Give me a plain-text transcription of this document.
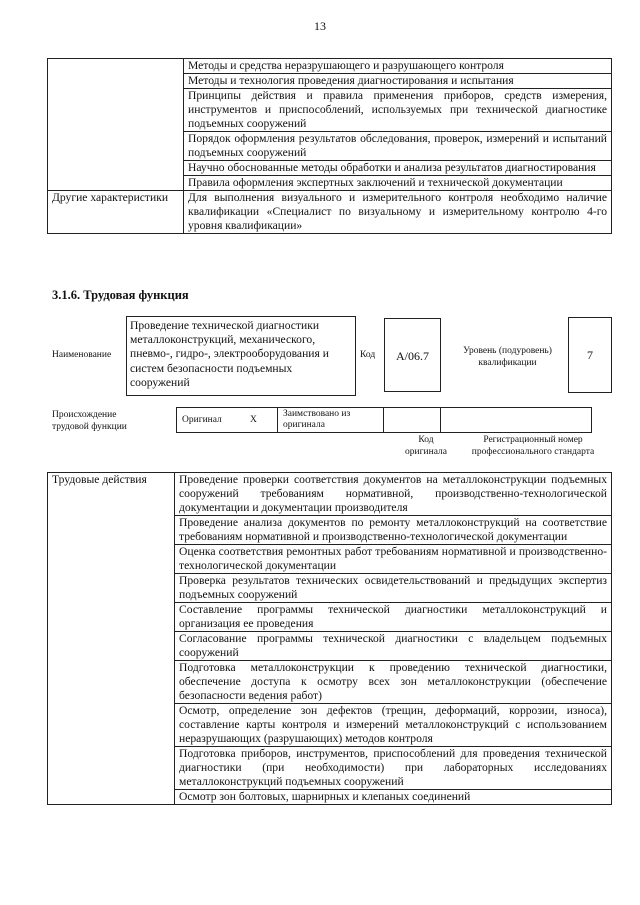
13
	Методы и средства неразрушающего и разрушающего контроля
	Методы и технология проведения диагностирования и испытания
	Принципы действия и правила применения приборов, средств измерения, инструментов и приспособлений, используемых при технической диагностике подъемных сооружений
	Порядок оформления результатов обследования, проверок, измерений и испытаний подъемных сооружений
	Научно обоснованные методы обработки и анализа результатов диагностирования
	Правила оформления экспертных заключений и технической документации
Другие характеристики	Для выполнения визуального и измерительного контроля необходимо наличие квалификации «Специалист по визуальному и измерительному контролю 4-го уровня квалификации»
3.1.6. Трудовая функция
Наименование
Проведение технической диагностики металлоконструкций, механического, пневмо-, гидро-, электрооборудования и систем безопасности подъемных сооружений
Код	A/06.7	Уровень (подуровень) квалификации
7
Происхождение трудовой функции
Оригинал	X	Заимствовано из оригинала		
Код оригинала
Регистрационный номер профессионального стандарта
Трудовые действия	Проведение проверки соответствия документов на металлоконструкции подъемных сооружений требованиям нормативной, производственно-технологической документации и документации производителя
Проведение анализа документов по ремонту металлоконструкций на соответствие требованиям нормативной и производственно-технологической документации
Оценка соответствия ремонтных работ требованиям нормативной и производственно-технологической документации
Проверка результатов технических освидетельствований и предыдущих экспертиз подъемных сооружений
Составление программы технической диагностики металлоконструкций и организация ее проведения
Согласование программы технической диагностики с владельцем подъемных сооружений
Подготовка металлоконструкции к проведению технической диагностики, обеспечение доступа к осмотру всех зон металлоконструкции (обеспечение безопасности ведения работ)
Осмотр, определение зон дефектов (трещин, деформаций, коррозии, износа), составление карты контроля и измерений металлоконструкций с использованием неразрушающих (разрушающих) методов контроля
Подготовка приборов, инструментов, приспособлений для проведения технической диагностики (при необходимости) при лабораторных исследованиях металлоконструкций подъемных сооружений
Осмотр зон болтовых, шарнирных и клепаных соединений
